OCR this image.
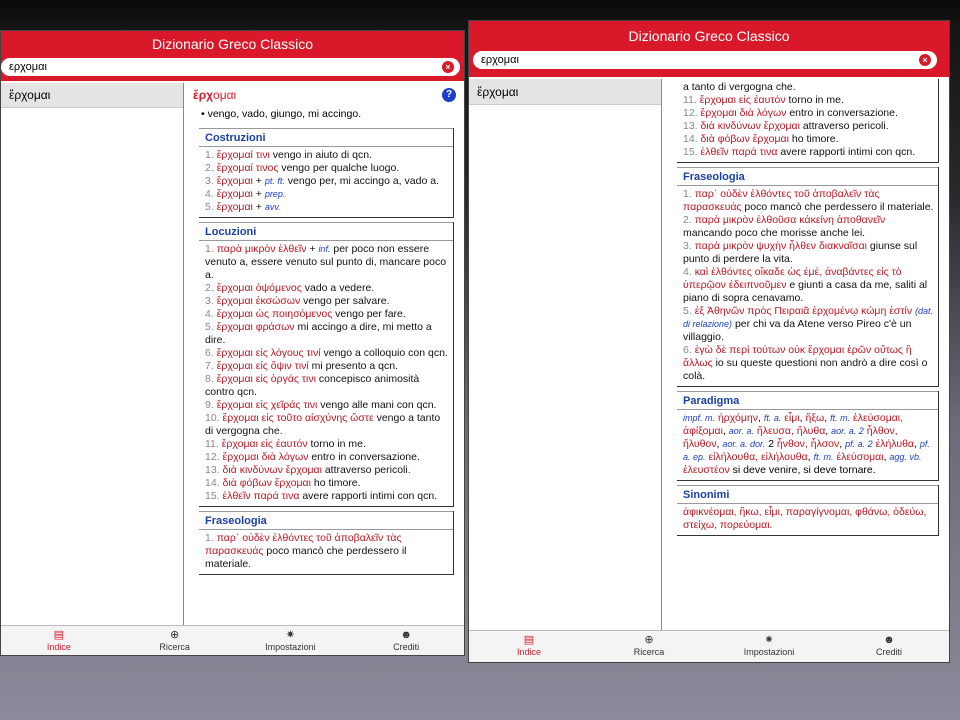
Dizionario Greco Classico
ερχομαι	×
ἔρχομαι	ἔρχομαι	?
• vengo, vado, giungo, mi accingo.
Costruzioni
1. ἔρχομαί τινι vengo in aiuto di qcn.
2. ἔρχομαί τινος vengo per qualche luogo.
3. ἔρχομαι + pt. ft. vengo per, mi accingo a, vado a.
4. ἔρχομαι + prep.
5. ἔρχομαι + avv.
Locuzioni
1. παρὰ μικρὸν ἐλθεῖν + inf. per poco non essere venuto a, essere venuto sul punto di, mancare poco a.
2. ἔρχομαι ὀψόμενος vado a vedere.
3. ἔρχομαι ἐκσώσων vengo per salvare.
4. ἔρχομαι ὡς ποιησόμενος vengo per fare.
5. ἔρχομαι φράσων mi accingo a dire, mi metto a dire.
6. ἔρχομαι εἰς λόγους τινί vengo a colloquio con qcn.
7. ἔρχομαι εἰς ὄψιν τινί mi presento a qcn.
8. ἔρχομαι εἰς ὀργάς τινι concepisco animosità contro qcn.
9. ἔρχομαι εἰς χεῖράς τινι vengo alle mani con qcn.
10. ἔρχομαι εἰς τοῦτο αἰσχύνης ὥστε vengo a tanto di vergogna che.
11. ἔρχομαι εἰς ἑαυτόν torno in me.
12. ἔρχομαι διὰ λόγων entro in conversazione.
13. διὰ κινδύνων ἔρχομαι attraverso pericoli.
14. διὰ φόβων ἔρχομαι ho timore.
15. ἐλθεῖν παρά τινα avere rapporti intimi con qcn.
Fraseologia
1. παρ᾽ οὐδὲν ἐλθόντες τοῦ ἀποβαλεῖν τὰς παρασκευάς poco mancò che perdessero il materiale.
▤
Indice
⊕
Ricerca
✷
Impostazioni
☻
Crediti
Dizionario Greco Classico
ερχομαι	×
ἔρχομαι	a tanto di vergogna che.
11. ἔρχομαι εἰς ἑαυτόν torno in me.
12. ἔρχομαι διὰ λόγων entro in conversazione.
13. διὰ κινδύνων ἔρχομαι attraverso pericoli.
14. διὰ φόβων ἔρχομαι ho timore.
15. ἐλθεῖν παρά τινα avere rapporti intimi con qcn.
Fraseologia
1. παρ᾽ οὐδὲν ἐλθόντες τοῦ ἀποβαλεῖν τὰς παρασκευάς poco mancò che perdessero il materiale.
2. παρὰ μικρὸν ἐλθοῦσα κἀκείνη ἀποθανεῖν mancando poco che morisse anche lei.
3. παρὰ μικρὸν ψυχὴν ἦλθεν διακναῖσαι giunse sul punto di perdere la vita.
4. καὶ ἐλθόντες οἴκαδε ὡς ἐμέ, ἀναβάντες εἰς τὸ ὑπερῷον ἐδειπνοῦμεν e giunti a casa da me, saliti al piano di sopra cenavamo.
5. ἐξ Ἀθηνῶν πρὸς Πειραιᾶ ἐρχομένῳ κώμη ἐστίν (dat. di relazione) per chi va da Atene verso Pireo c'è un villaggio.
6. ἐγὼ δὲ περὶ τούτων οὐκ ἔρχομαι ἐρῶν οὕτως ἢ ἄλλως io su queste questioni non andrò a dire così o colà.
Paradigma
impf. m. ἠρχόμην, ft. a. εἶμι, ἥξω, ft. m. ἐλεύσομαι, ἀφίξομαι, aor. a. ἤλευσα, ἤλυθα, aor. a. 2 ἦλθον, ἤλυθον, aor. a. dor. 2 ἦνθον, ἦλσον, pf. a. 2 ἐλήλυθα, pf. a. ep. εἰλήλουθα, εἰλήλουθα, ft. m. ἐλεύσομαι, agg. vb. ἐλευστέον si deve venire, si deve tornare.
Sinonimi
ἀφικνέομαι, ἥκω, εἶμι, παραγίγνομαι, φθάνω, ὁδεύω, στείχω, πορεύομαι.
▤
Indice
⊕
Ricerca
✷
Impostazioni
☻
Crediti
